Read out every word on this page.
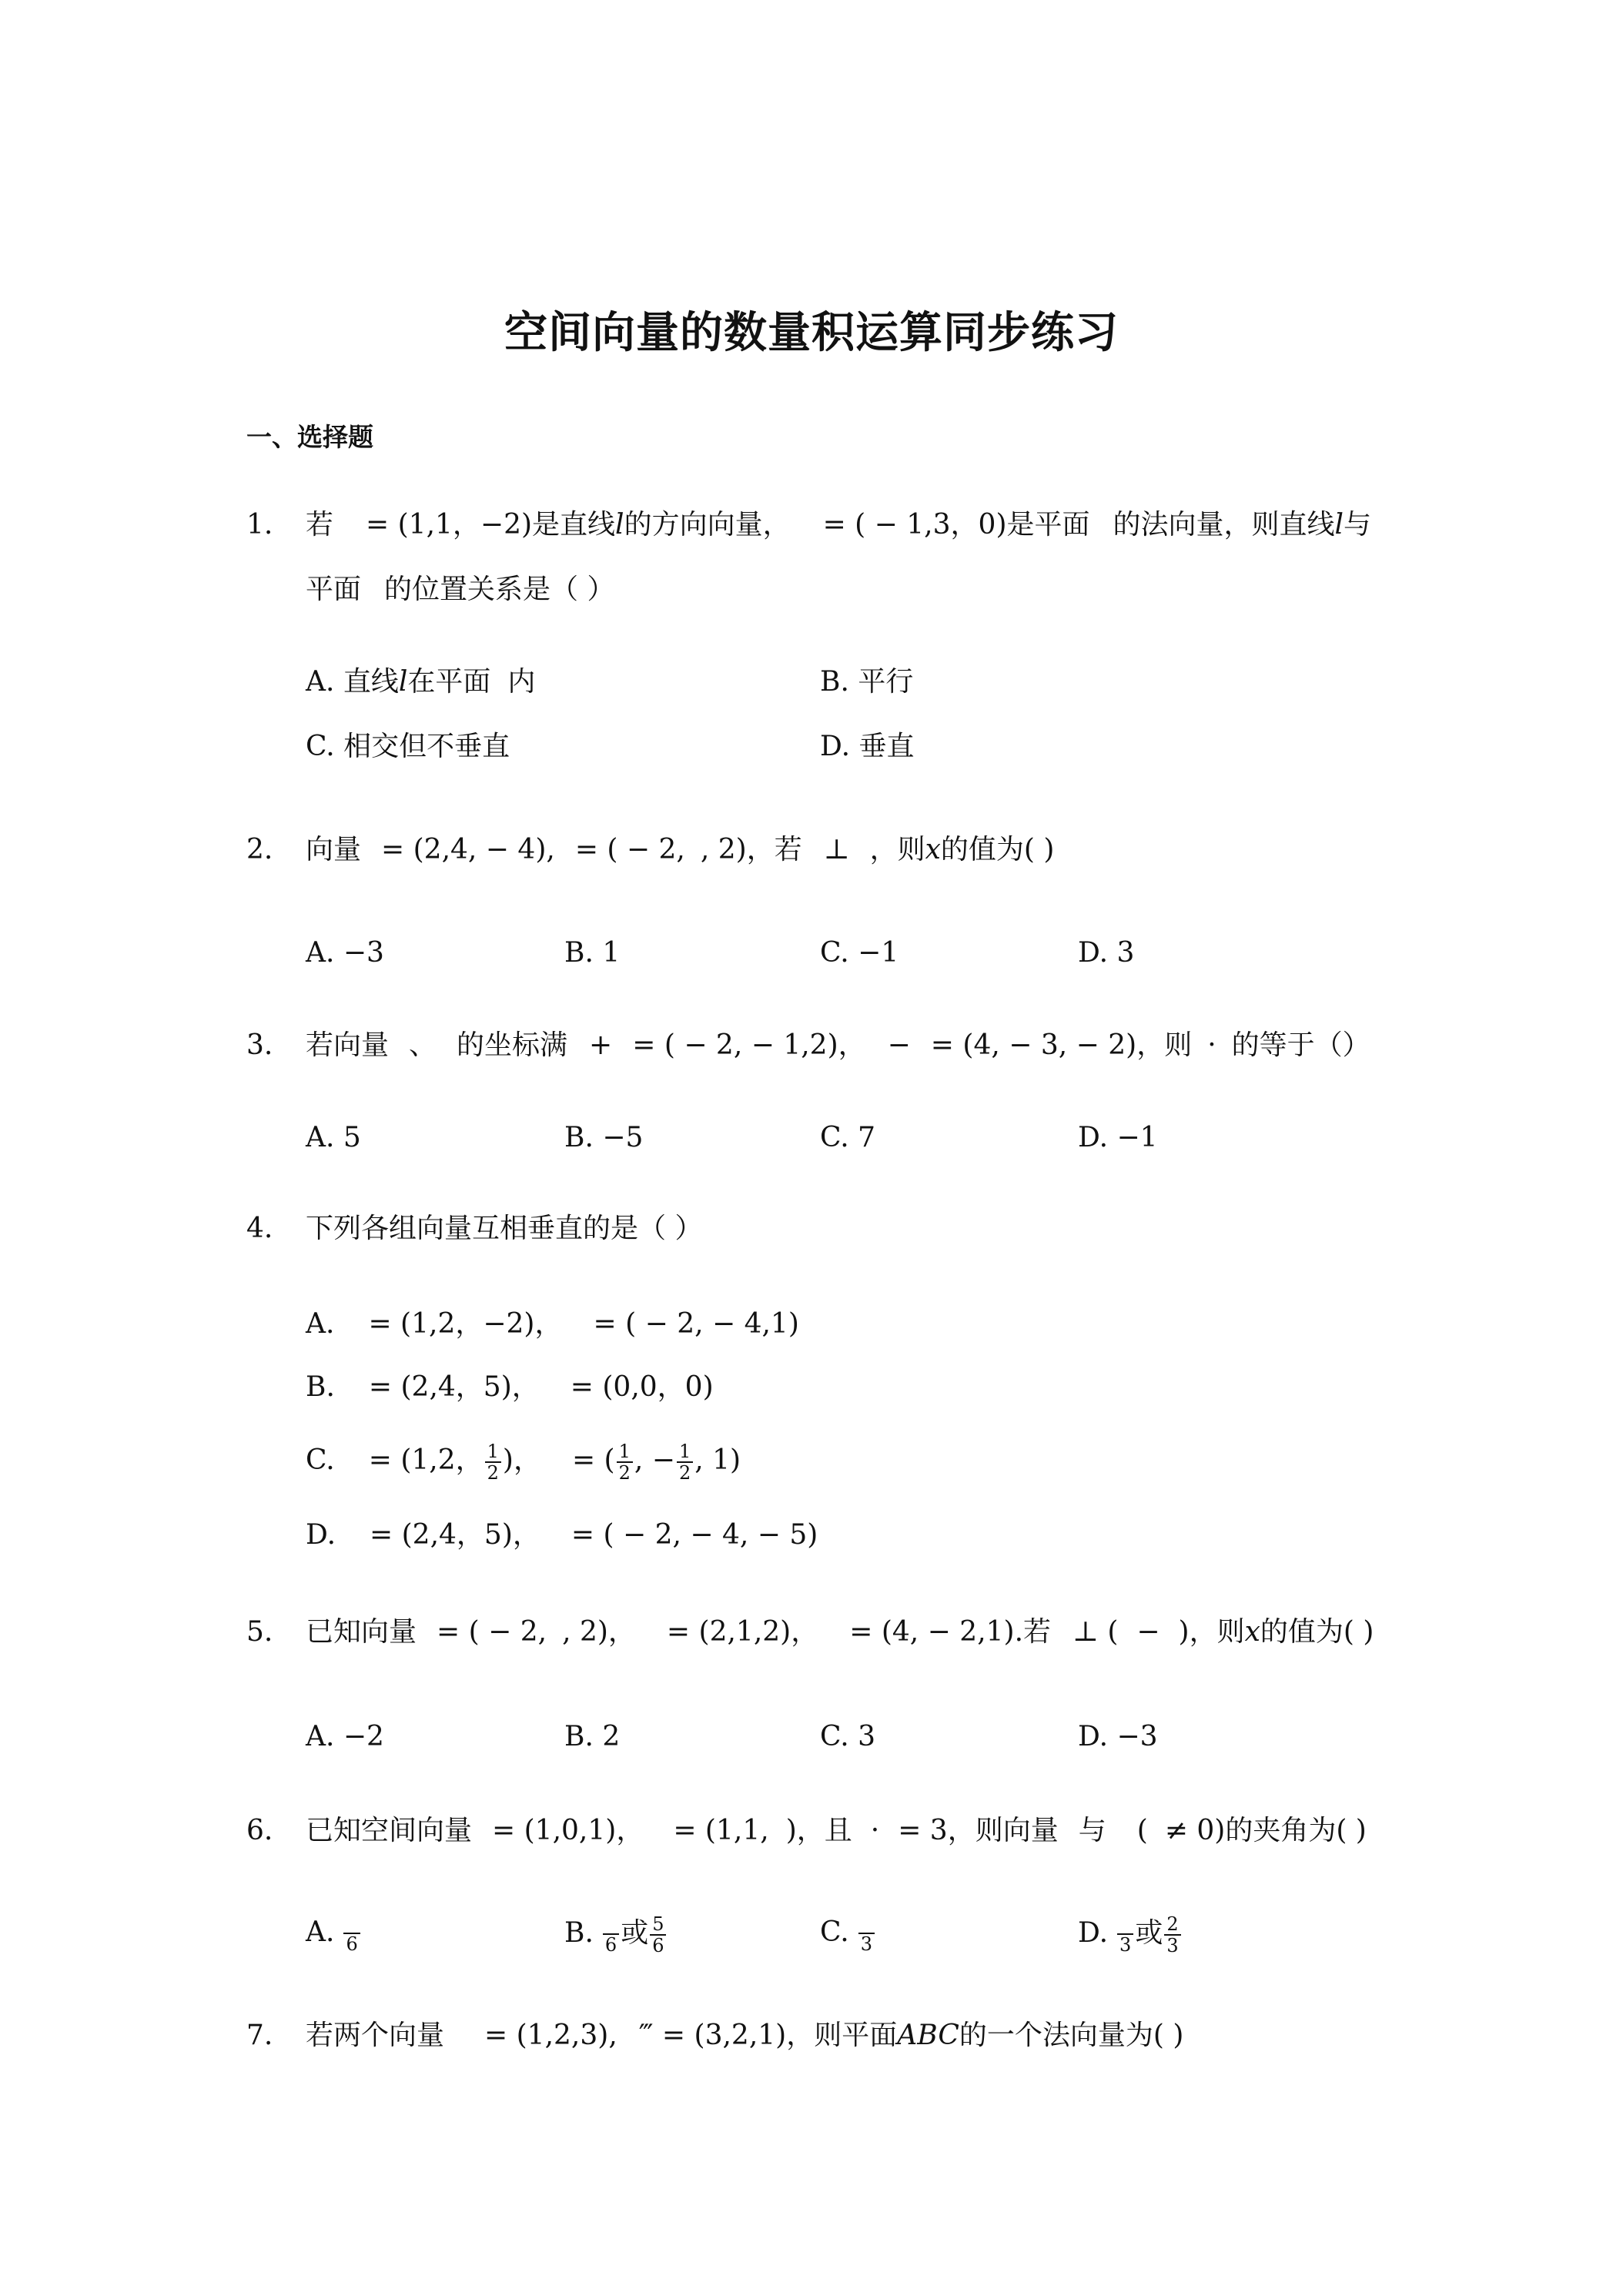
空间向量的数量积运算同步练习
一、选择题
1. 若 = (1,1，−2)是直线l的方向向量， = ( − 1,3，0)是平面 的法向量，则直线l与
平面 的位置关系是（ ）
A. 直线l在平面 内	B. 平行
C. 相交但不垂直	D. 垂直
2. 向量 = (2,4, − 4), = ( − 2, , 2)，若 ⊥ ，则x的值为( )
A. −3	B. 1	C. −1	D. 3
3. 若向量 、 的坐标满 + = ( − 2, − 1,2)， − = (4, − 3, − 2)，则 · 的等于（）
A. 5	B. −5	C. 7	D. −1
4. 下列各组向量互相垂直的是（ ）
A. = (1,2，−2)， = ( − 2, − 4,1)
B. = (2,4，5)， = (0,0，0)
C. = (1,2， $\frac{1}{2}$ )， = ( $\frac{1}{2}$ , − $\frac{1}{2}$ , 1)
D. = (2,4，5)， = ( − 2, − 4, − 5)
5. 已知向量 = ( − 2, , 2)， = (2,1,2)， = (4, − 2,1).若 ⊥ ( − )，则x的值为( )
A. −2	B. 2	C. 3	D. −3
6. 已知空间向量 = (1,0,1)， = (1,1, )，且 · = 3，则向量 与 ( ≠ 0)的夹角为( )
A. 6	B. 6 或 $\frac{5}{6}$	C. 3	D. 3 或 $\frac{2}{3}$
7. 若两个向量 = (1,2,3), ‴ = (3,2,1)，则平面ABC的一个法向量为( )
